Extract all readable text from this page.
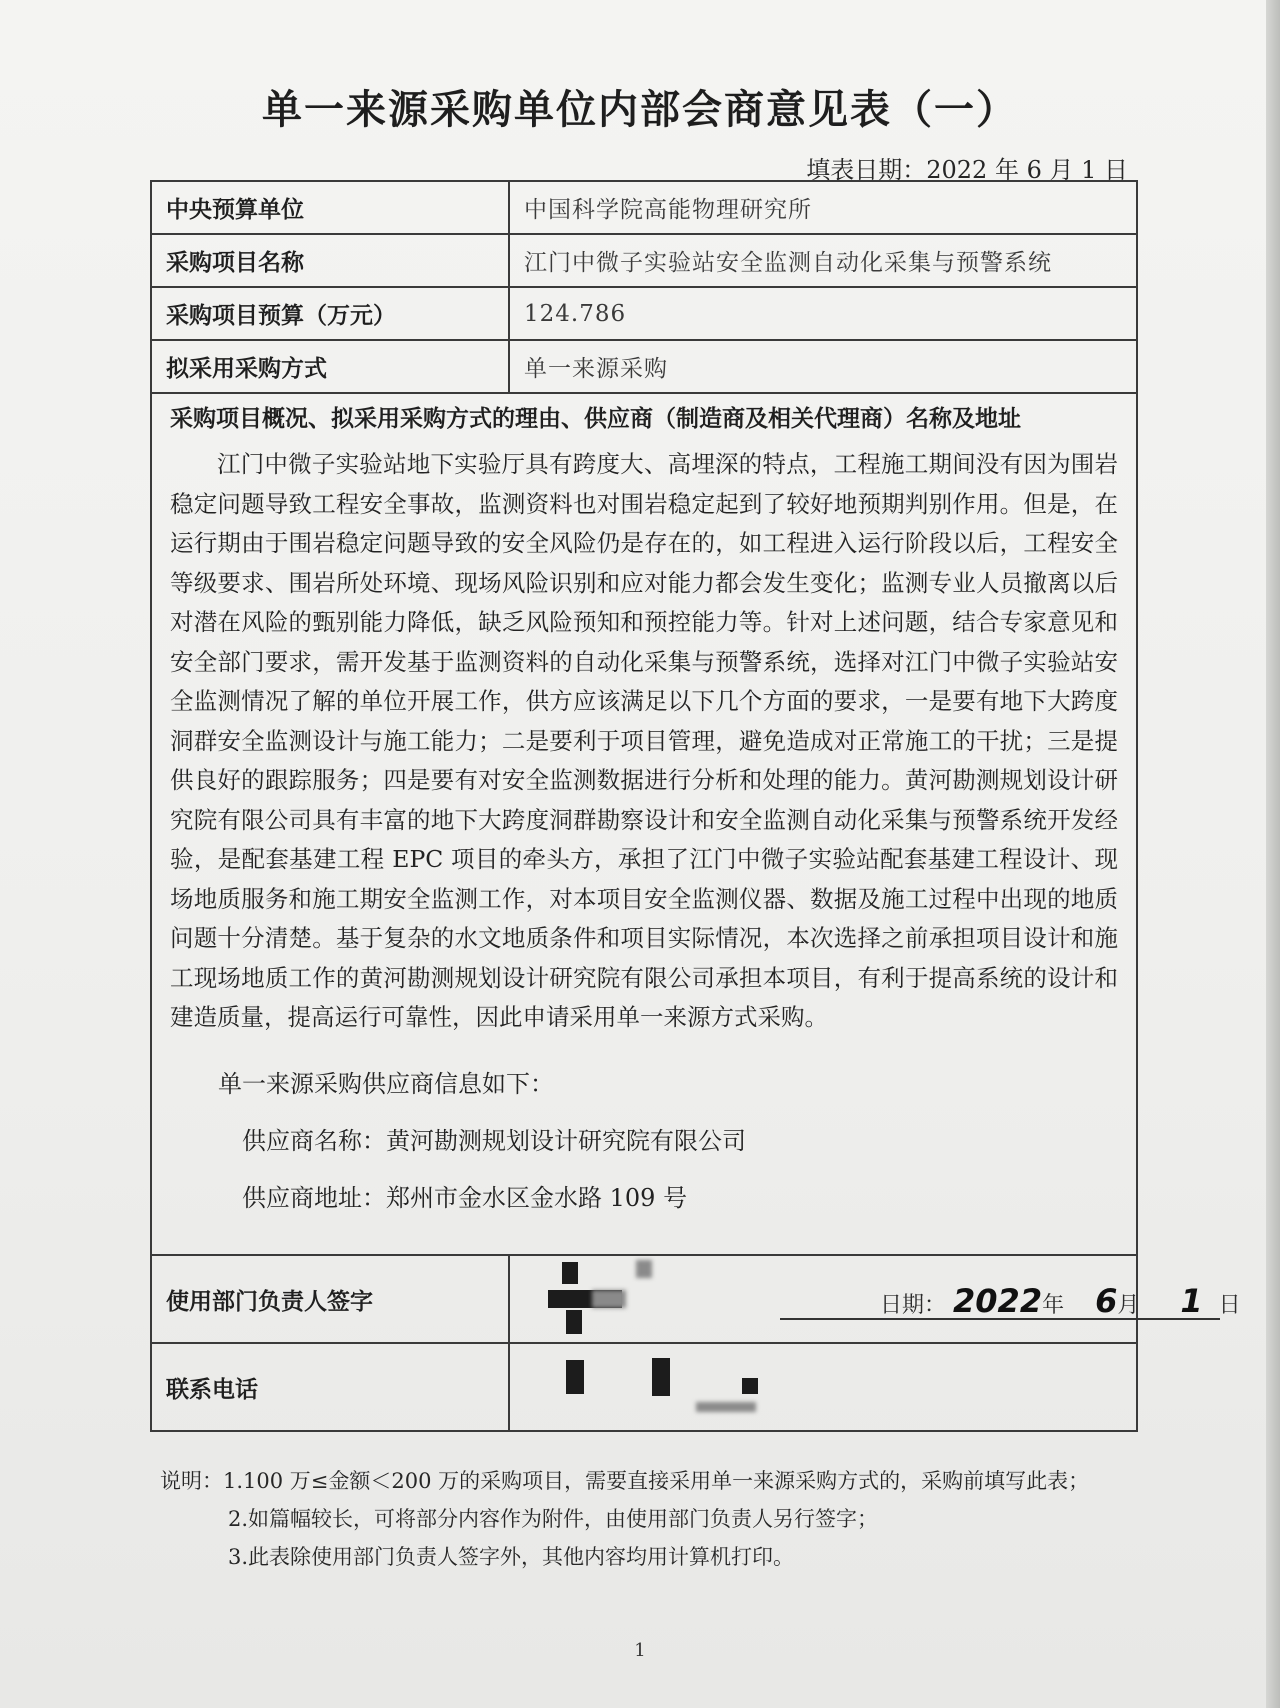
单一来源采购单位内部会商意见表（一）
填表日期：2022 年 6 月 1 日
中央预算单位	中国科学院高能物理研究所
采购项目名称	江门中微子实验站安全监测自动化采集与预警系统
采购项目预算（万元）	124.786
拟采用采购方式	单一来源采购

采购项目概况、拟采用采购方式的理由、供应商（制造商及相关代理商）名称及地址
江门中微子实验站地下实验厅具有跨度大、高埋深的特点，工程施工期间没有因为围岩稳定问题导致工程安全事故，监测资料也对围岩稳定起到了较好地预期判别作用。但是，在运行期由于围岩稳定问题导致的安全风险仍是存在的，如工程进入运行阶段以后，工程安全等级要求、围岩所处环境、现场风险识别和应对能力都会发生变化；监测专业人员撤离以后对潜在风险的甄别能力降低，缺乏风险预知和预控能力等。针对上述问题，结合专家意见和安全部门要求，需开发基于监测资料的自动化采集与预警系统，选择对江门中微子实验站安全监测情况了解的单位开展工作，供方应该满足以下几个方面的要求，一是要有地下大跨度洞群安全监测设计与施工能力；二是要利于项目管理，避免造成对正常施工的干扰；三是提供良好的跟踪服务；四是要有对安全监测数据进行分析和处理的能力。黄河勘测规划设计研究院有限公司具有丰富的地下大跨度洞群勘察设计和安全监测自动化采集与预警系统开发经验，是配套基建工程 EPC 项目的牵头方，承担了江门中微子实验站配套基建工程设计、现场地质服务和施工期安全监测工作，对本项目安全监测仪器、数据及施工过程中出现的地质问题十分清楚。基于复杂的水文地质条件和项目实际情况，本次选择之前承担项目设计和施工现场地质工作的黄河勘测规划设计研究院有限公司承担本项目，有利于提高系统的设计和建造质量，提高运行可靠性，因此申请采用单一来源方式采购。
单一来源采购供应商信息如下：
供应商名称：黄河勘测规划设计研究院有限公司
供应商地址：郑州市金水区金水路 109 号	

使用部门负责人签字	日期： 2022年 6月 1 日

联系电话	
说明：1.100 万≤金额＜200 万的采购项目，需要直接采用单一来源采购方式的，采购前填写此表；
2.如篇幅较长，可将部分内容作为附件，由使用部门负责人另行签字；
3.此表除使用部门负责人签字外，其他内容均用计算机打印。
1
